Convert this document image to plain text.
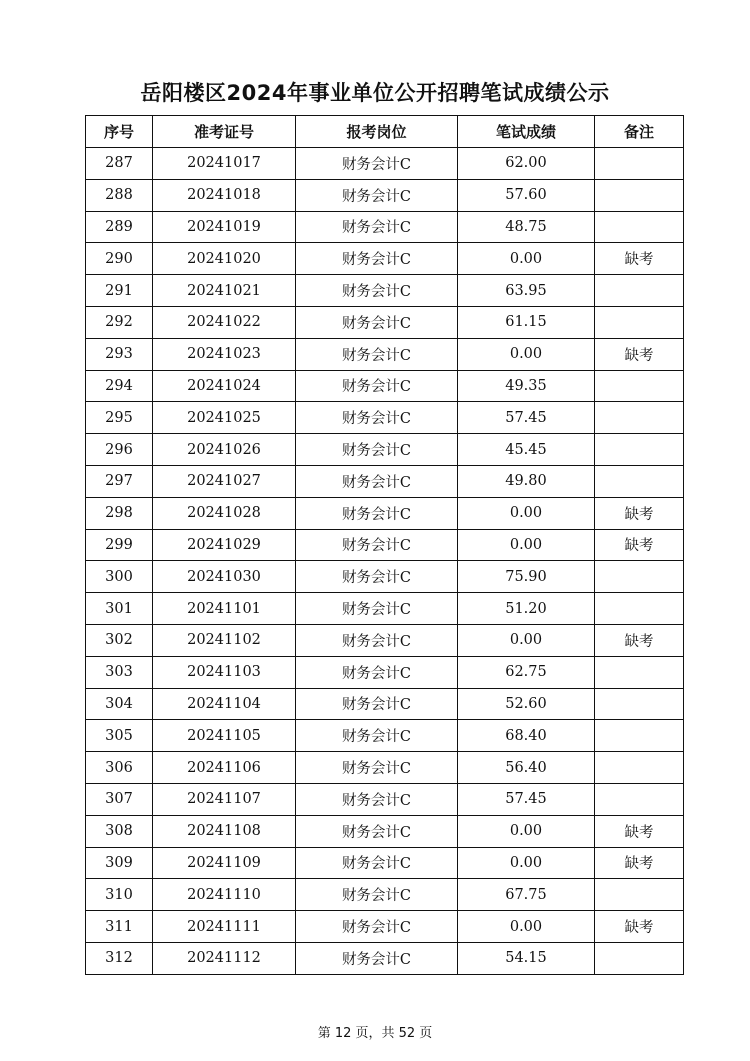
岳阳楼区2024年事业单位公开招聘笔试成绩公示
序号	准考证号	报考岗位	笔试成绩	备注
287	20241017	财务会计C	62.00	
288	20241018	财务会计C	57.60	
289	20241019	财务会计C	48.75	
290	20241020	财务会计C	0.00	缺考
291	20241021	财务会计C	63.95	
292	20241022	财务会计C	61.15	
293	20241023	财务会计C	0.00	缺考
294	20241024	财务会计C	49.35	
295	20241025	财务会计C	57.45	
296	20241026	财务会计C	45.45	
297	20241027	财务会计C	49.80	
298	20241028	财务会计C	0.00	缺考
299	20241029	财务会计C	0.00	缺考
300	20241030	财务会计C	75.90	
301	20241101	财务会计C	51.20	
302	20241102	财务会计C	0.00	缺考
303	20241103	财务会计C	62.75	
304	20241104	财务会计C	52.60	
305	20241105	财务会计C	68.40	
306	20241106	财务会计C	56.40	
307	20241107	财务会计C	57.45	
308	20241108	财务会计C	0.00	缺考
309	20241109	财务会计C	0.00	缺考
310	20241110	财务会计C	67.75	
311	20241111	财务会计C	0.00	缺考
312	20241112	财务会计C	54.15	
第 12 页，共 52 页
